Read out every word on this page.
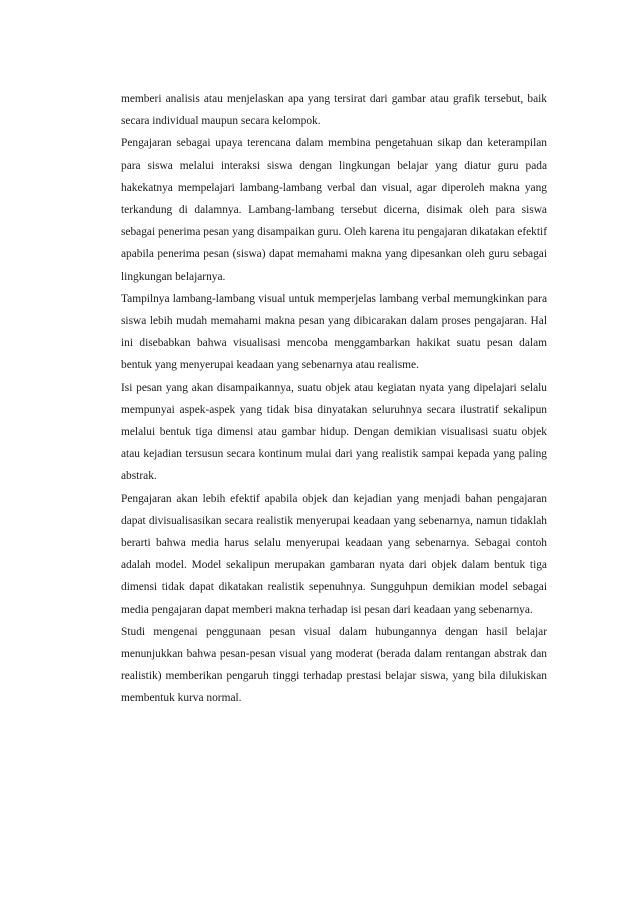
memberi analisis atau menjelaskan apa yang tersirat dari gambar atau grafik tersebut, baik secara individual maupun secara kelompok.

Pengajaran sebagai upaya terencana dalam membina pengetahuan sikap dan keterampilan para siswa melalui interaksi siswa dengan lingkungan belajar yang diatur guru pada hakekatnya mempelajari lambang-lambang verbal dan visual, agar diperoleh makna yang terkandung di dalamnya. Lambang-lambang tersebut dicerna, disimak oleh para siswa sebagai penerima pesan yang disampaikan guru. Oleh karena itu pengajaran dikatakan efektif apabila penerima pesan (siswa) dapat memahami makna yang dipesankan oleh guru sebagai lingkungan belajarnya.

Tampilnya lambang-lambang visual untuk memperjelas lambang verbal memungkinkan para siswa lebih mudah memahami makna pesan yang dibicarakan dalam proses pengajaran. Hal ini disebabkan bahwa visualisasi mencoba menggambarkan hakikat suatu pesan dalam bentuk yang menyerupai keadaan yang sebenarnya atau realisme.

Isi pesan yang akan disampaikannya, suatu objek atau kegiatan nyata yang dipelajari selalu mempunyai aspek-aspek yang tidak bisa dinyatakan seluruhnya secara ilustratif sekalipun melalui bentuk tiga dimensi atau gambar hidup. Dengan demikian visualisasi suatu objek atau kejadian tersusun secara kontinum mulai dari yang realistik sampai kepada yang paling abstrak.

Pengajaran akan lebih efektif apabila objek dan kejadian yang menjadi bahan pengajaran dapat divisualisasikan secara realistik menyerupai keadaan yang sebenarnya, namun tidaklah berarti bahwa media harus selalu menyerupai keadaan yang sebenarnya. Sebagai contoh adalah model. Model sekalipun merupakan gambaran nyata dari objek dalam bentuk tiga dimensi tidak dapat dikatakan realistik sepenuhnya. Sungguhpun demikian model sebagai media pengajaran dapat memberi makna terhadap isi pesan dari keadaan yang sebenarnya.

Studi mengenai penggunaan pesan visual dalam hubungannya dengan hasil belajar menunjukkan bahwa pesan-pesan visual yang moderat (berada dalam rentangan abstrak dan realistik) memberikan pengaruh tinggi terhadap prestasi belajar siswa, yang bila dilukiskan membentuk kurva normal.
